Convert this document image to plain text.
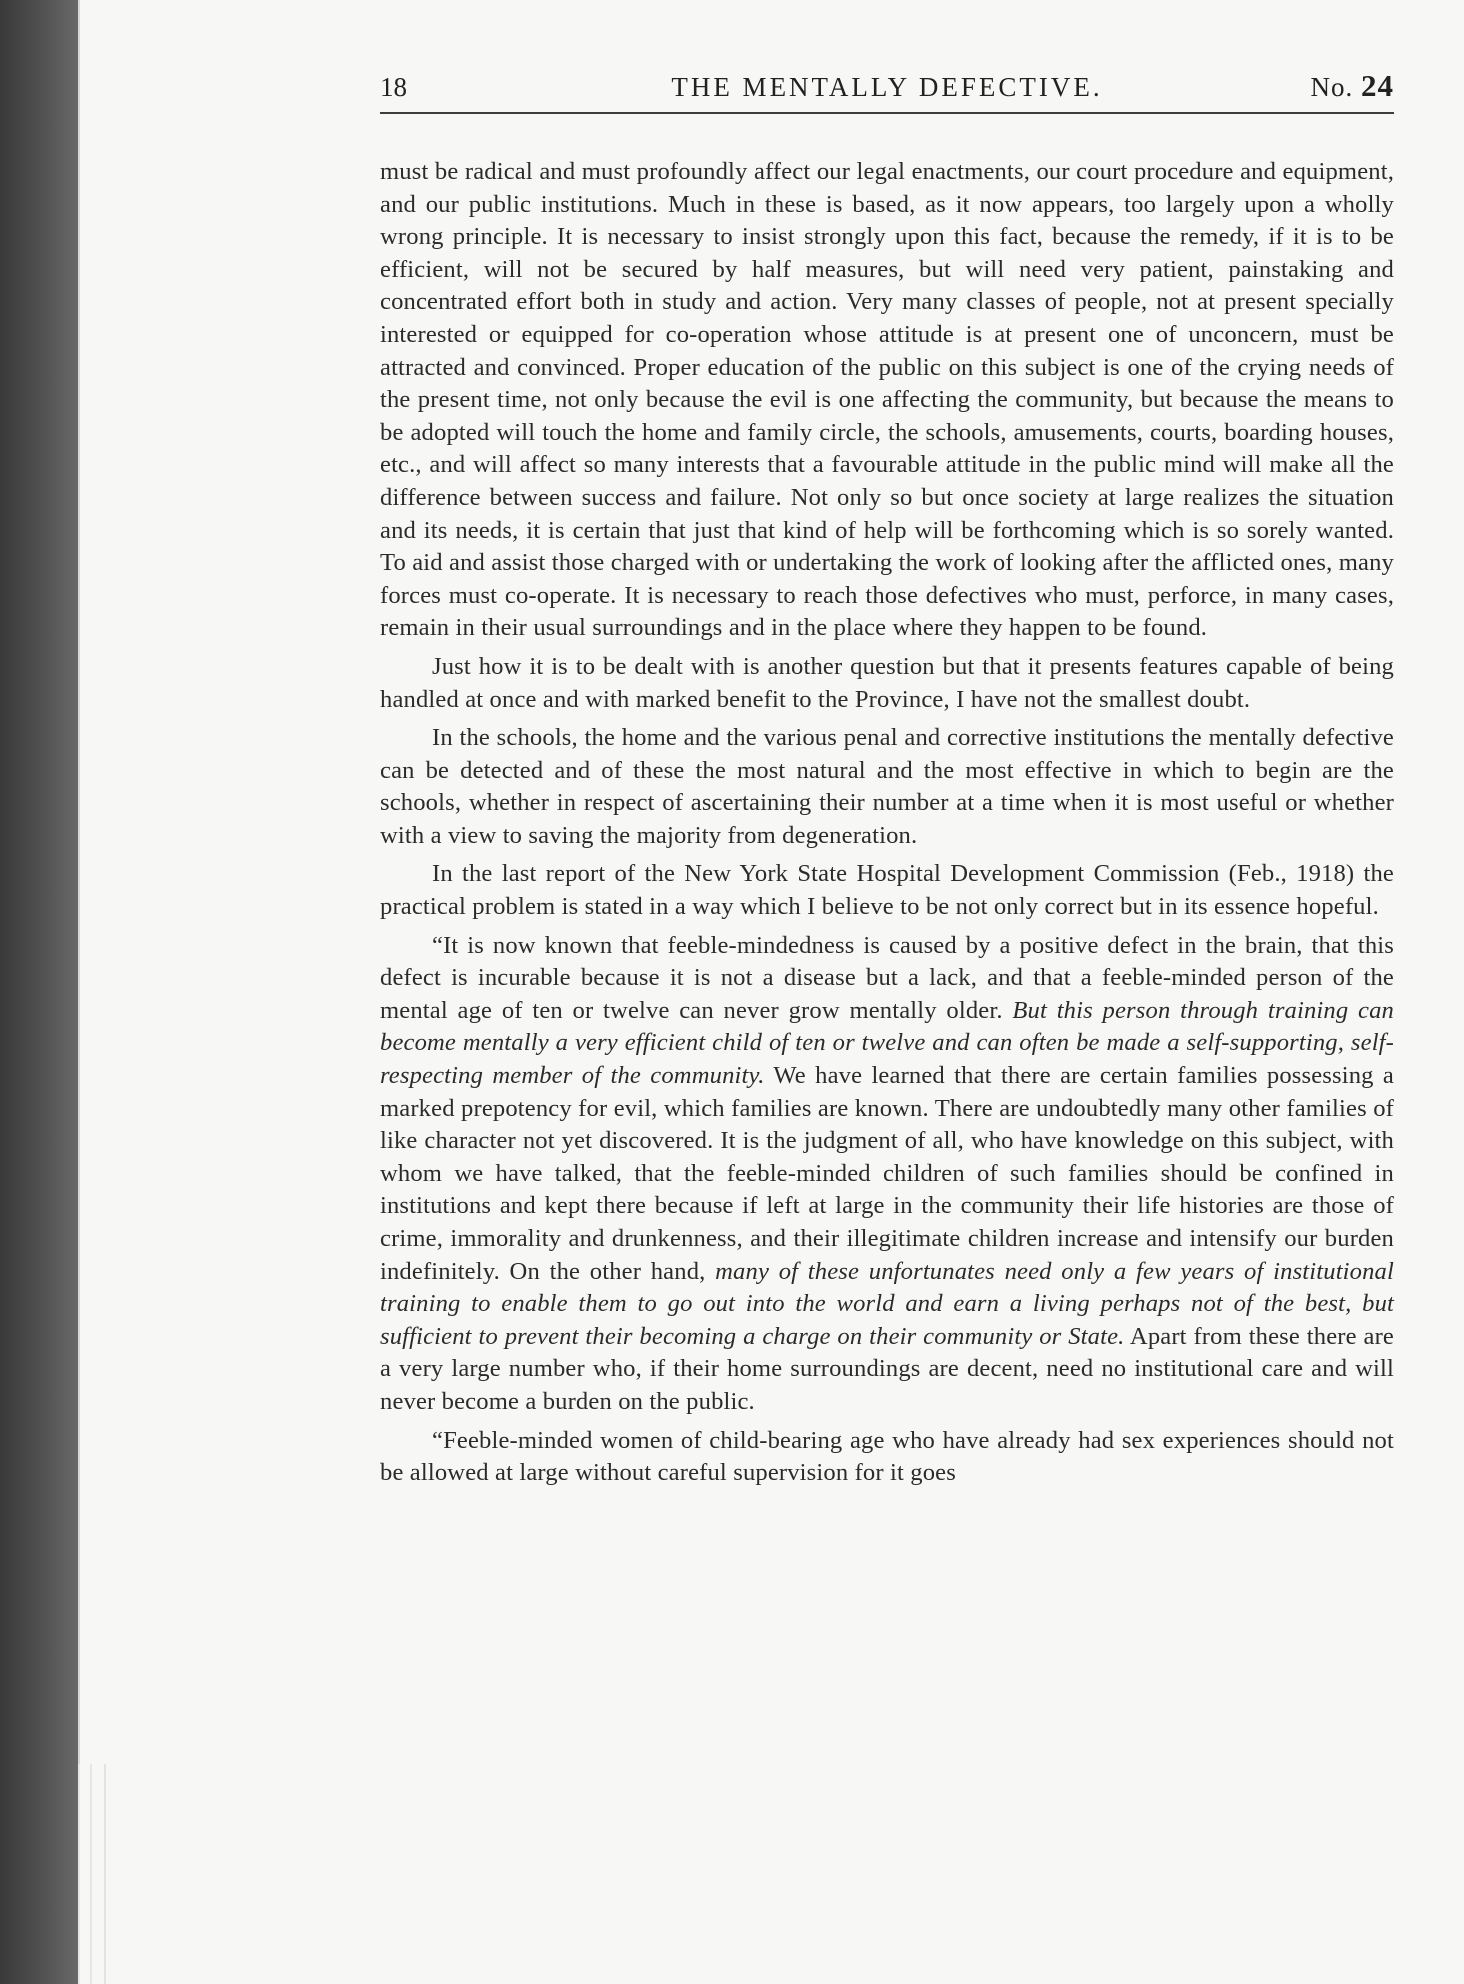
18	THE MENTALLY DEFECTIVE.	No. 24

must be radical and must profoundly affect our legal enactments, our court procedure and equipment, and our public institutions. Much in these is based, as it now appears, too largely upon a wholly wrong principle. It is necessary to insist strongly upon this fact, because the remedy, if it is to be efficient, will not be secured by half measures, but will need very patient, painstaking and concentrated effort both in study and action. Very many classes of people, not at present specially interested or equipped for co-operation whose attitude is at present one of unconcern, must be attracted and convinced. Proper education of the public on this subject is one of the crying needs of the present time, not only because the evil is one affecting the community, but because the means to be adopted will touch the home and family circle, the schools, amusements, courts, boarding houses, etc., and will affect so many interests that a favourable attitude in the public mind will make all the difference between success and failure. Not only so but once society at large realizes the situation and its needs, it is certain that just that kind of help will be forthcoming which is so sorely wanted. To aid and assist those charged with or undertaking the work of looking after the afflicted ones, many forces must co-operate. It is necessary to reach those defectives who must, perforce, in many cases, remain in their usual surroundings and in the place where they happen to be found.

Just how it is to be dealt with is another question but that it presents features capable of being handled at once and with marked benefit to the Province, I have not the smallest doubt.

In the schools, the home and the various penal and corrective institutions the mentally defective can be detected and of these the most natural and the most effective in which to begin are the schools, whether in respect of ascertaining their number at a time when it is most useful or whether with a view to saving the majority from degeneration.

In the last report of the New York State Hospital Development Commission (Feb., 1918) the practical problem is stated in a way which I believe to be not only correct but in its essence hopeful.

“It is now known that feeble-mindedness is caused by a positive defect in the brain, that this defect is incurable because it is not a disease but a lack, and that a feeble-minded person of the mental age of ten or twelve can never grow mentally older. But this person through training can become mentally a very efficient child of ten or twelve and can often be made a self-supporting, self-respecting member of the community. We have learned that there are certain families possessing a marked prepotency for evil, which families are known. There are undoubtedly many other families of like character not yet discovered. It is the judgment of all, who have knowledge on this subject, with whom we have talked, that the feeble-minded children of such families should be confined in institutions and kept there because if left at large in the community their life histories are those of crime, immorality and drunkenness, and their illegitimate children increase and intensify our burden indefinitely. On the other hand, many of these unfortunates need only a few years of institutional training to enable them to go out into the world and earn a living perhaps not of the best, but sufficient to prevent their becoming a charge on their community or State. Apart from these there are a very large number who, if their home surroundings are decent, need no institutional care and will never become a burden on the public.

“Feeble-minded women of child-bearing age who have already had sex experiences should not be allowed at large without careful supervision for it goes
